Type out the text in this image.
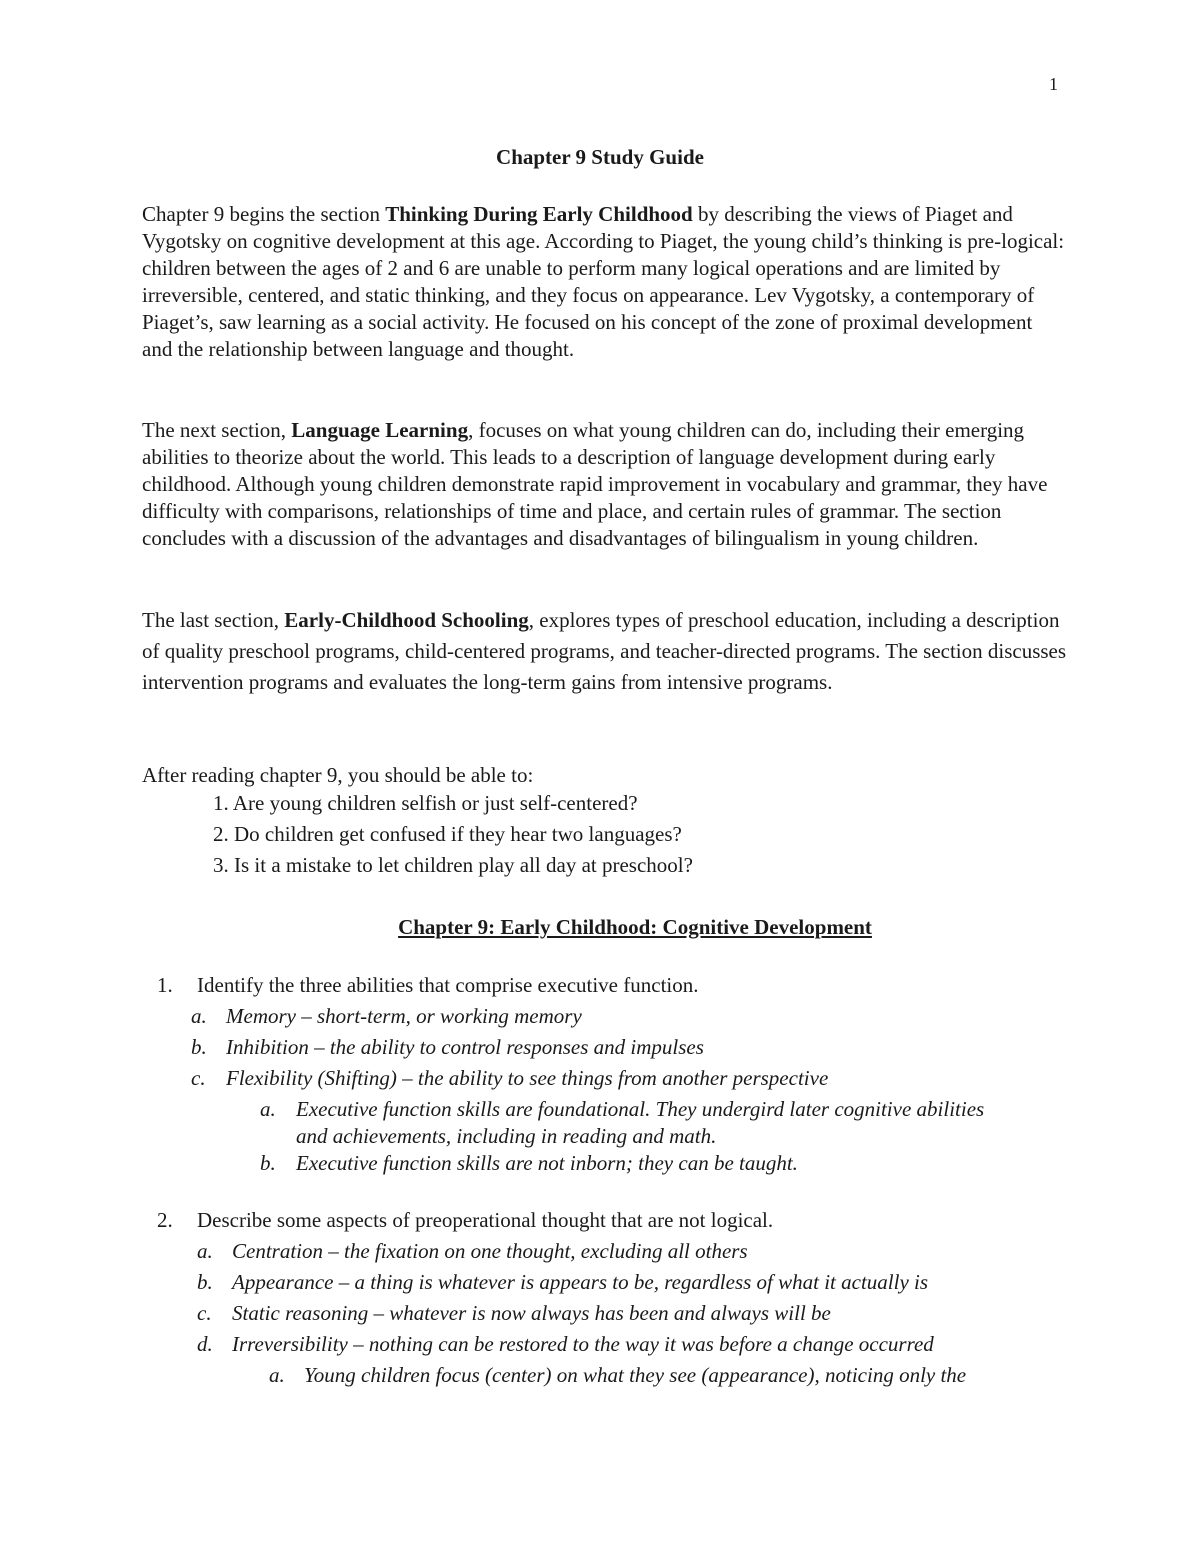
1
Chapter 9 Study Guide

Chapter 9 begins the section Thinking During Early Childhood by describing the views of Piaget and Vygotsky on cognitive development at this age. According to Piaget, the young child’s thinking is pre-logical: children between the ages of 2 and 6 are unable to perform many logical operations and are limited by irreversible, centered, and static thinking, and they focus on appearance. Lev Vygotsky, a contemporary of Piaget’s, saw learning as a social activity. He focused on his concept of the zone of proximal development and the relationship between language and thought.

The next section, Language Learning, focuses on what young children can do, including their emerging abilities to theorize about the world. This leads to a description of language development during early childhood. Although young children demonstrate rapid improvement in vocabulary and grammar, they have difficulty with comparisons, relationships of time and place, and certain rules of grammar. The section concludes with a discussion of the advantages and disadvantages of bilingualism in young children.

The last section, Early-Childhood Schooling, explores types of preschool education, including a description of quality preschool programs, child-centered programs, and teacher-directed programs. The section discusses intervention programs and evaluates the long-term gains from intensive programs.

After reading chapter 9, you should be able to:

1. Are young children selfish or just self-centered?
2. Do children get confused if they hear two languages?
3. Is it a mistake to let children play all day at preschool?
Chapter 9: Early Childhood: Cognitive Development
1. Identify the three abilities that comprise executive function.
a. Memory – short-term, or working memory
b. Inhibition – the ability to control responses and impulses
c. Flexibility (Shifting) – the ability to see things from another perspective
a. Executive function skills are foundational. They undergird later cognitive abilities and achievements, including in reading and math.
b. Executive function skills are not inborn; they can be taught.
2. Describe some aspects of preoperational thought that are not logical.
a. Centration – the fixation on one thought, excluding all others
b. Appearance – a thing is whatever is appears to be, regardless of what it actually is
c. Static reasoning – whatever is now always has been and always will be
d. Irreversibility – nothing can be restored to the way it was before a change occurred
a. Young children focus (center) on what they see (appearance), noticing only the
